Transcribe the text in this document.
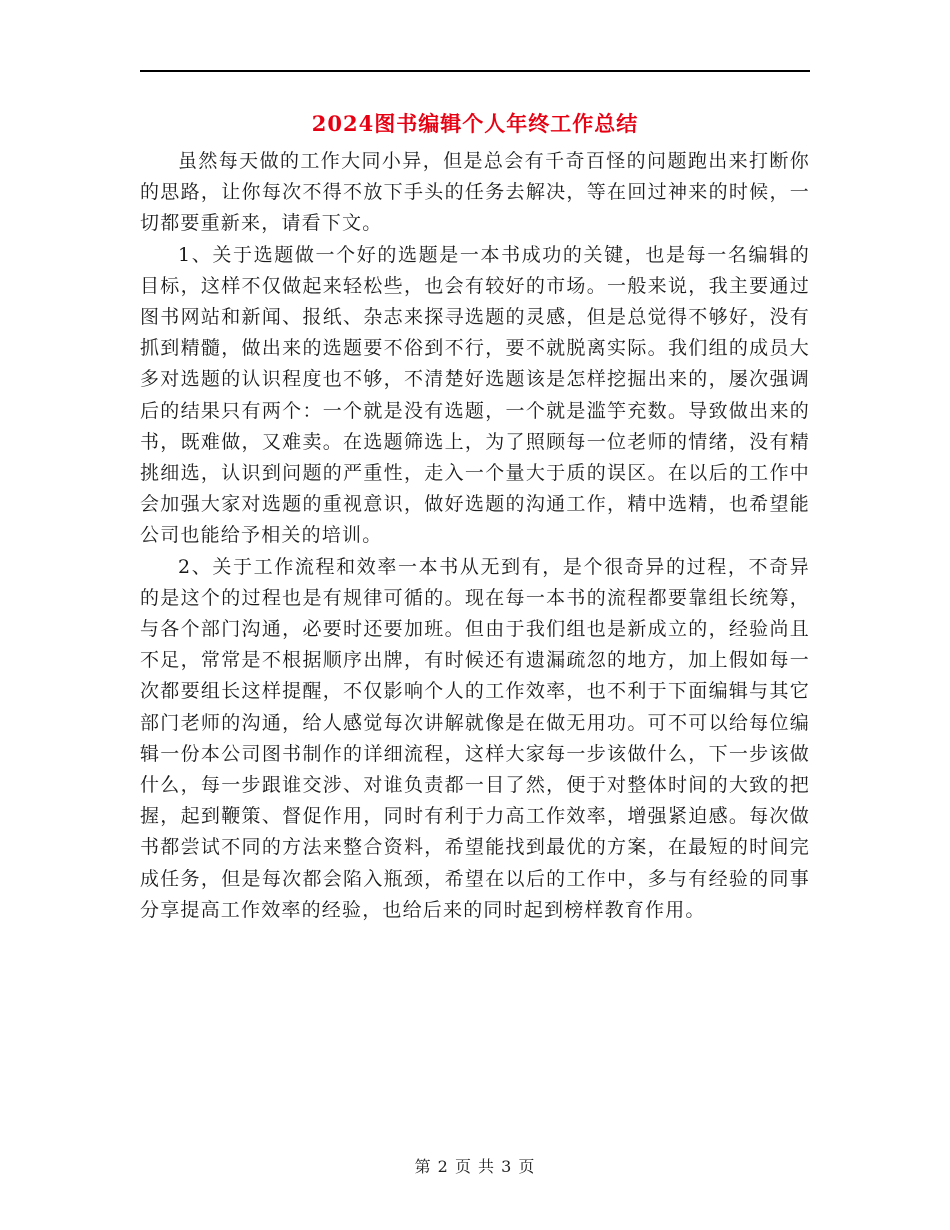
2024图书编辑个人年终工作总结

虽然每天做的工作大同小异，但是总会有千奇百怪的问题跑出来打断你的思路，让你每次不得不放下手头的任务去解决，等在回过神来的时候，一切都要重新来，请看下文。

1、关于选题做一个好的选题是一本书成功的关键，也是每一名编辑的目标，这样不仅做起来轻松些，也会有较好的市场。一般来说，我主要通过图书网站和新闻、报纸、杂志来探寻选题的灵感，但是总觉得不够好，没有抓到精髓，做出来的选题要不俗到不行，要不就脱离实际。我们组的成员大多对选题的认识程度也不够，不清楚好选题该是怎样挖掘出来的，屡次强调后的结果只有两个：一个就是没有选题，一个就是滥竽充数。导致做出来的书，既难做，又难卖。在选题筛选上，为了照顾每一位老师的情绪，没有精挑细选，认识到问题的严重性，走入一个量大于质的误区。在以后的工作中会加强大家对选题的重视意识，做好选题的沟通工作，精中选精，也希望能公司也能给予相关的培训。

2、关于工作流程和效率一本书从无到有，是个很奇异的过程，不奇异的是这个的过程也是有规律可循的。现在每一本书的流程都要靠组长统筹，与各个部门沟通，必要时还要加班。但由于我们组也是新成立的，经验尚且不足，常常是不根据顺序出牌，有时候还有遗漏疏忽的地方，加上假如每一次都要组长这样提醒，不仅影响个人的工作效率，也不利于下面编辑与其它部门老师的沟通，给人感觉每次讲解就像是在做无用功。可不可以给每位编辑一份本公司图书制作的详细流程，这样大家每一步该做什么，下一步该做什么，每一步跟谁交涉、对谁负责都一目了然，便于对整体时间的大致的把握，起到鞭策、督促作用，同时有利于力高工作效率，增强紧迫感。每次做书都尝试不同的方法来整合资料，希望能找到最优的方案，在最短的时间完成任务，但是每次都会陷入瓶颈，希望在以后的工作中，多与有经验的同事分享提高工作效率的经验，也给后来的同时起到榜样教育作用。

第 2 页 共 3 页
